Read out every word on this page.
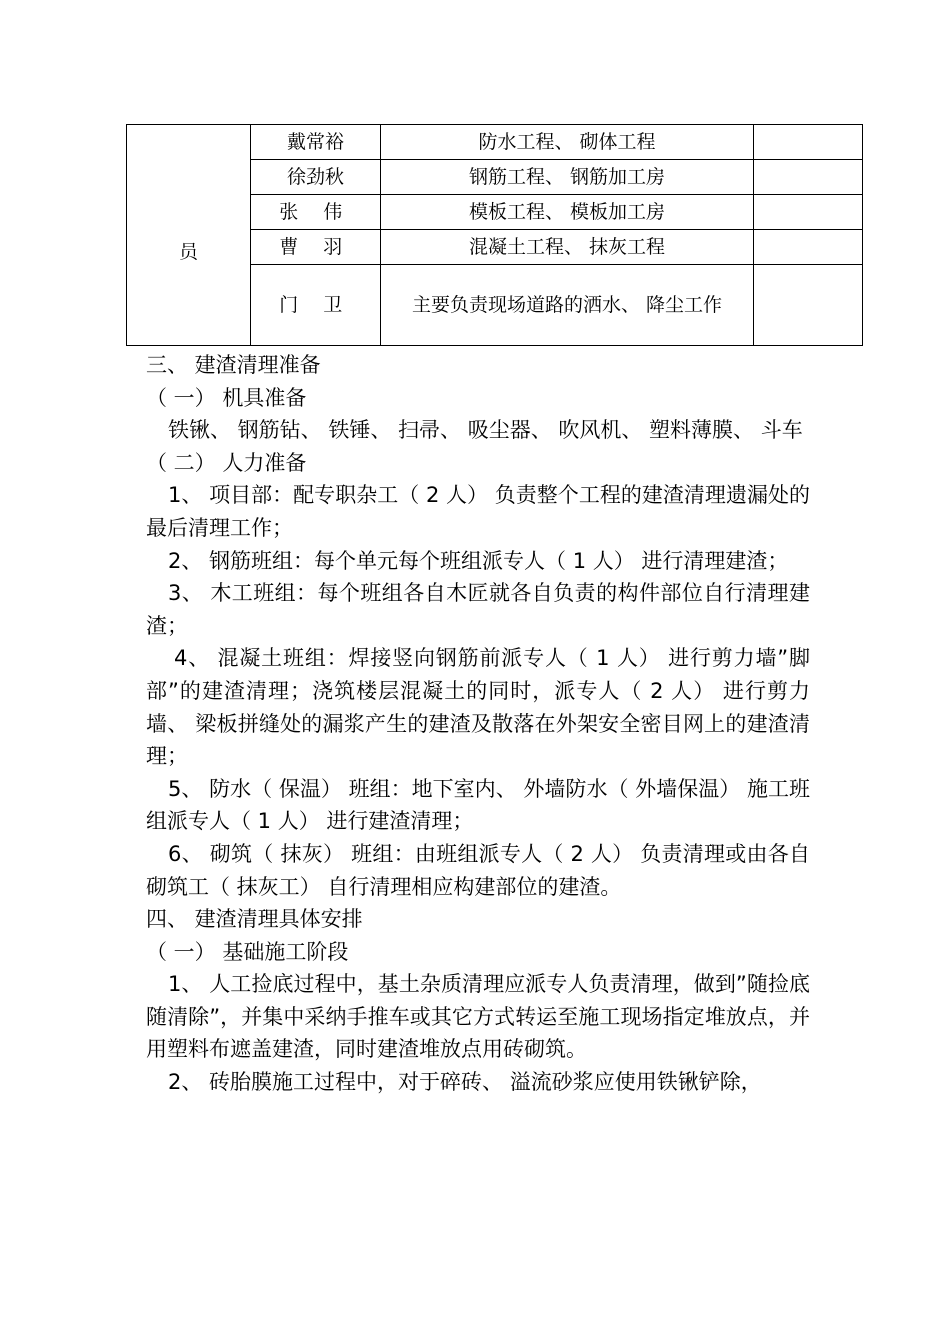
员	戴常裕	防水工程、 砌体工程	
	徐劲秋	钢筋工程、 钢筋加工房	
	张 伟	模板工程、 模板加工房	
	曹 羽	混凝土工程、 抹灰工程	
	门 卫	主要负责现场道路的洒水、 降尘工作	

三、 建渣清理准备

（ 一） 机具准备

铁锹、 钢筋钻、 铁锤、 扫帚、 吸尘器、 吹风机、 塑料薄膜、 斗车

（ 二） 人力准备

1、 项目部：配专职杂工（ 2 人） 负责整个工程的建渣清理遗漏处的最后清理工作；

2、 钢筋班组：每个单元每个班组派专人（ 1 人） 进行清理建渣；

3、 木工班组：每个班组各自木匠就各自负责的构件部位自行清理建渣；

4、 混凝土班组：焊接竖向钢筋前派专人（ 1 人） 进行剪力墙”脚部”的建渣清理；浇筑楼层混凝土的同时，派专人（ 2 人） 进行剪力墙、 梁板拼缝处的漏浆产生的建渣及散落在外架安全密目网上的建渣清理；

5、 防水（ 保温） 班组：地下室内、 外墙防水（ 外墙保温） 施工班组派专人（ 1 人） 进行建渣清理；

6、 砌筑（ 抹灰） 班组：由班组派专人（ 2 人） 负责清理或由各自砌筑工（ 抹灰工） 自行清理相应构建部位的建渣。

四、 建渣清理具体安排

（ 一） 基础施工阶段

1、 人工捡底过程中，基土杂质清理应派专人负责清理，做到”随捡底随清除”，并集中采纳手推车或其它方式转运至施工现场指定堆放点，并用塑料布遮盖建渣，同时建渣堆放点用砖砌筑。

2、 砖胎膜施工过程中，对于碎砖、 溢流砂浆应使用铁锹铲除，
